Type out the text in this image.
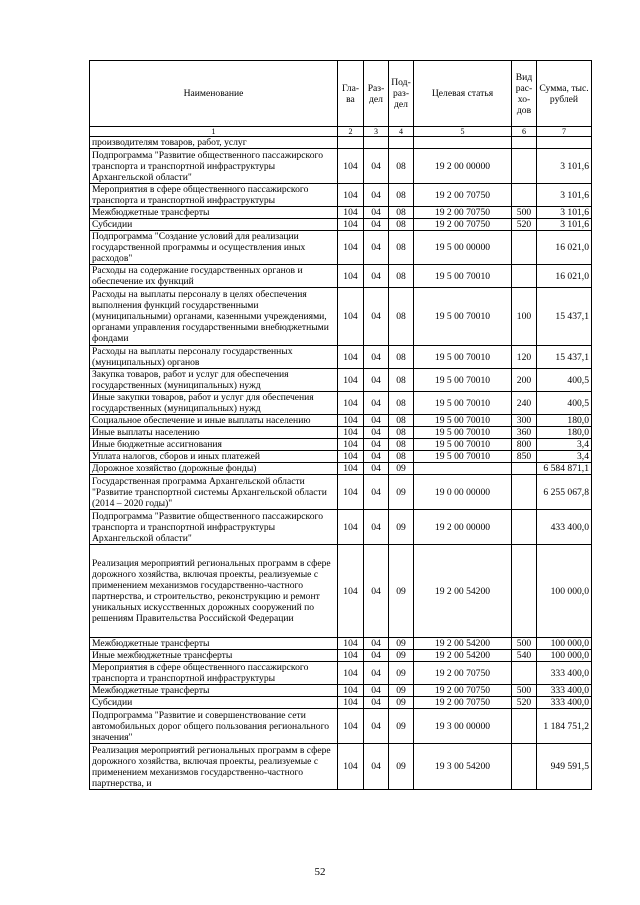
Наименование	Гла-ва	Раз-дел	Под-раз-дел	Целевая статья	Вид рас-хо-дов	Сумма, тыс. рублей
1	2	3	4	5	6	7
производителям товаров, работ, услуг						
Подпрограмма "Развитие общественного пассажирского транспорта и транспортной инфраструктуры Архангельской области"	104	04	08	19 2 00 00000		3 101,6
Мероприятия в сфере общественного пассажирского транспорта и транспортной инфраструктуры	104	04	08	19 2 00 70750		3 101,6
Межбюджетные трансферты	104	04	08	19 2 00 70750	500	3 101,6
Субсидии	104	04	08	19 2 00 70750	520	3 101,6
Подпрограмма "Создание условий для реализации государственной программы и осуществления иных расходов"	104	04	08	19 5 00 00000		16 021,0
Расходы на содержание государственных органов и обеспечение их функций	104	04	08	19 5 00 70010		16 021,0
Расходы на выплаты персоналу в целях обеспечения выполнения функций государственными (муниципальными) органами, казенными учреждениями, органами управления государственными внебюджетными фондами	104	04	08	19 5 00 70010	100	15 437,1
Расходы на выплаты персоналу государственных (муниципальных) органов	104	04	08	19 5 00 70010	120	15 437,1
Закупка товаров, работ и услуг для обеспечения государственных (муниципальных) нужд	104	04	08	19 5 00 70010	200	400,5
Иные закупки товаров, работ и услуг для обеспечения государственных (муниципальных) нужд	104	04	08	19 5 00 70010	240	400,5
Социальное обеспечение и иные выплаты населению	104	04	08	19 5 00 70010	300	180,0
Иные выплаты населению	104	04	08	19 5 00 70010	360	180,0
Иные бюджетные ассигнования	104	04	08	19 5 00 70010	800	3,4
Уплата налогов, сборов и иных платежей	104	04	08	19 5 00 70010	850	3,4
Дорожное хозяйство (дорожные фонды)	104	04	09			6 584 871,1
Государственная программа Архангельской области "Развитие транспортной системы Архангельской области (2014 – 2020 годы)"	104	04	09	19 0 00 00000		6 255 067,8
Подпрограмма "Развитие общественного пассажирского транспорта и транспортной инфраструктуры Архангельской области"	104	04	09	19 2 00 00000		433 400,0
Реализация мероприятий региональных программ в сфере дорожного хозяйства, включая проекты, реализуемые с применением механизмов государственно-частного партнерства, и строительство, реконструкцию и ремонт уникальных искусственных дорожных сооружений по решениям Правительства Российской Федерации	104	04	09	19 2 00 54200		100 000,0
Межбюджетные трансферты	104	04	09	19 2 00 54200	500	100 000,0
Иные межбюджетные трансферты	104	04	09	19 2 00 54200	540	100 000,0
Мероприятия в сфере общественного пассажирского транспорта и транспортной инфраструктуры	104	04	09	19 2 00 70750		333 400,0
Межбюджетные трансферты	104	04	09	19 2 00 70750	500	333 400,0
Субсидии	104	04	09	19 2 00 70750	520	333 400,0
Подпрограмма "Развитие и совершенствование сети автомобильных дорог общего пользования регионального значения"	104	04	09	19 3 00 00000		1 184 751,2
Реализация мероприятий региональных программ в сфере дорожного хозяйства, включая проекты, реализуемые с применением механизмов государственно-частного партнерства, и	104	04	09	19 3 00 54200		949 591,5
52
